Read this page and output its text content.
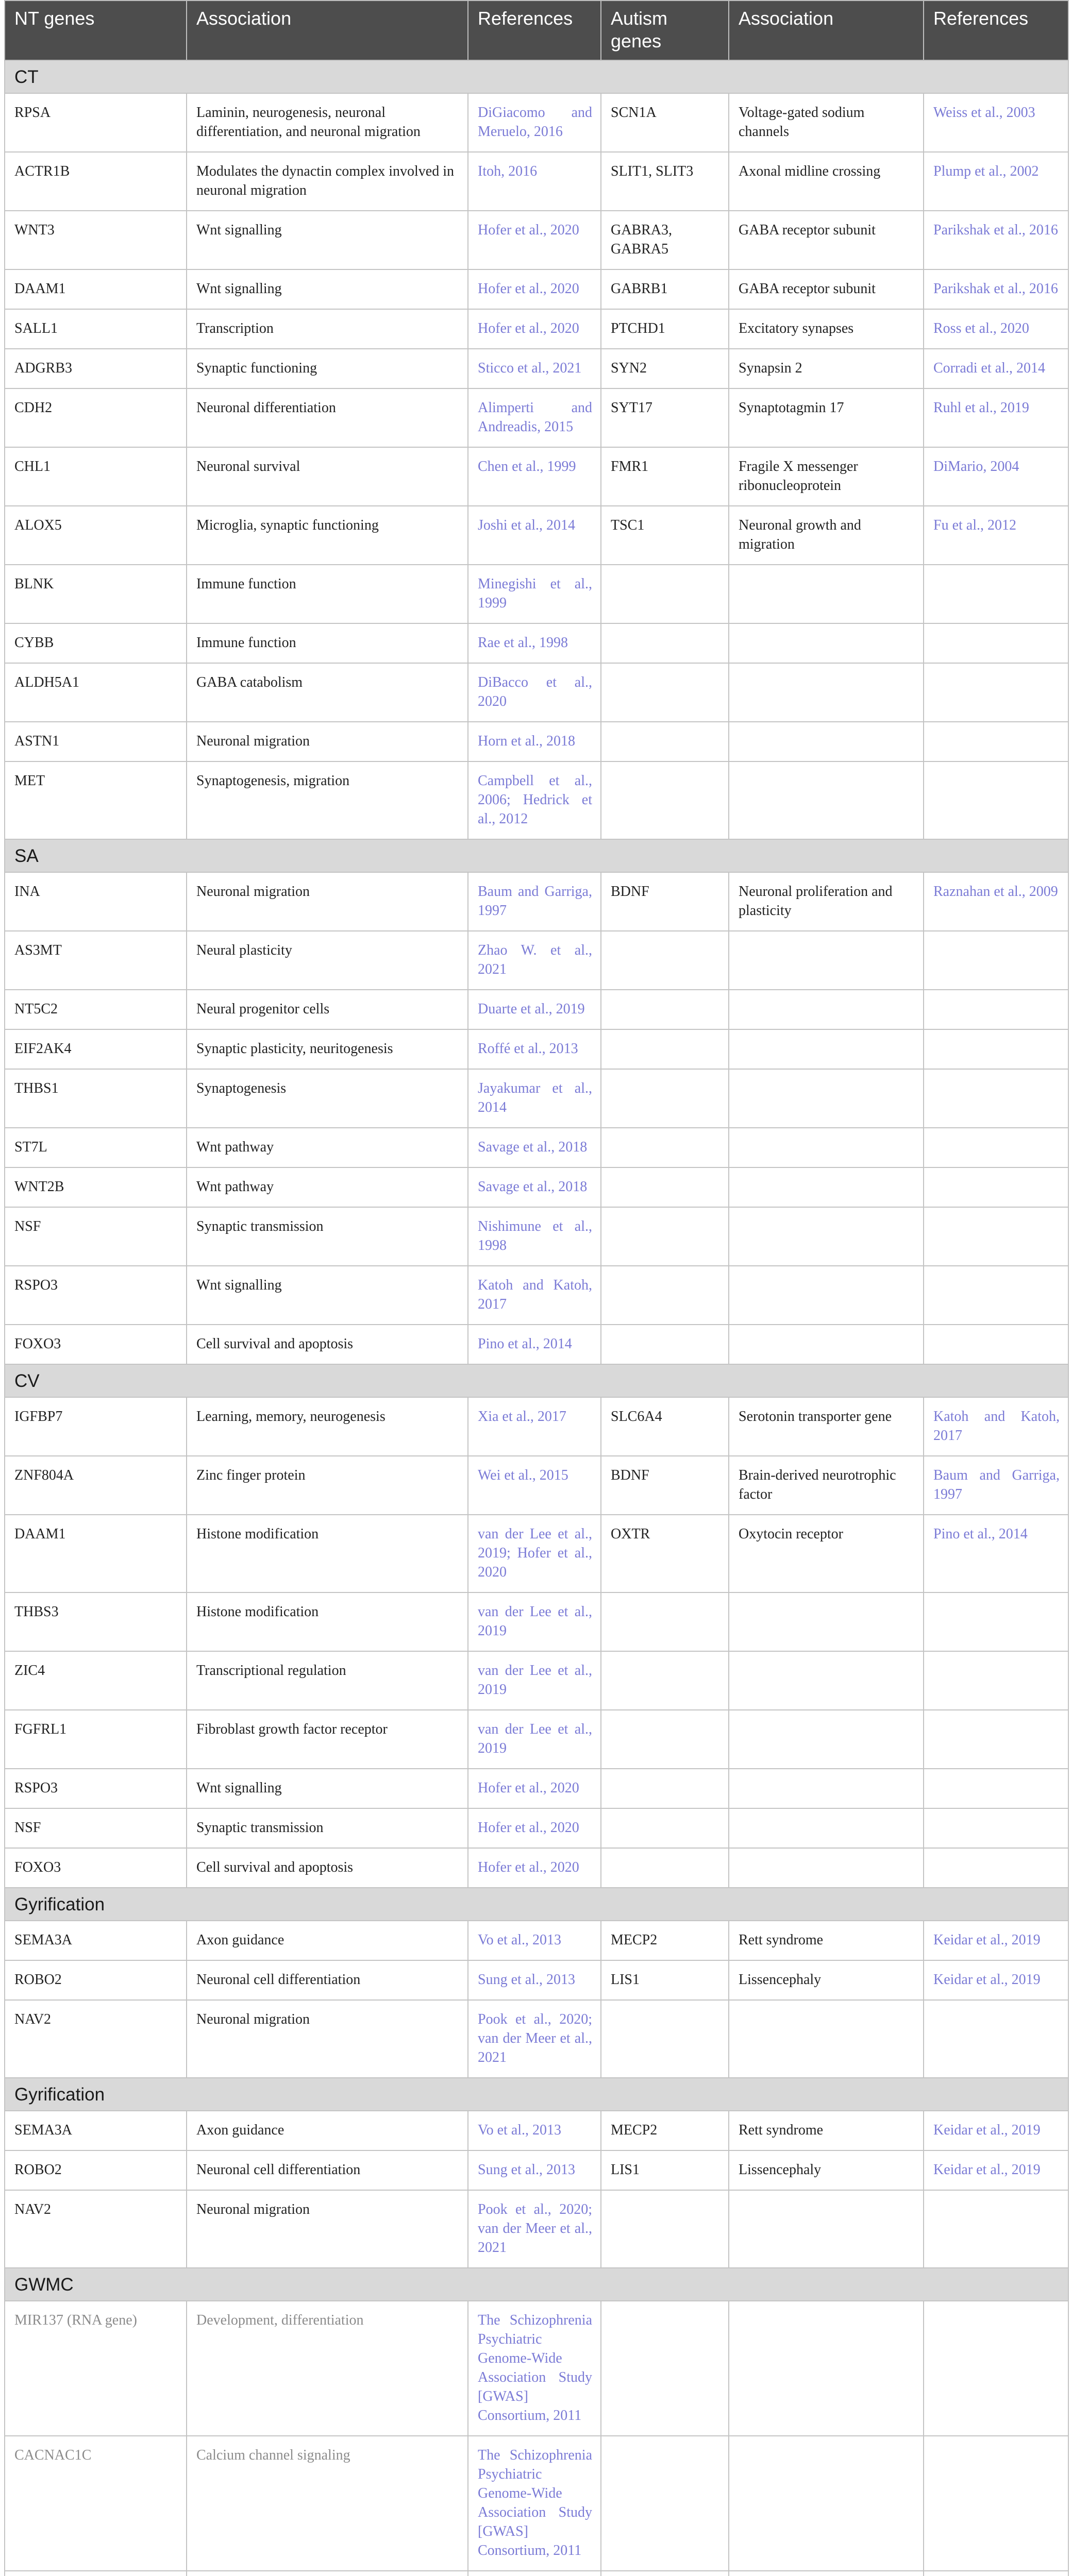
NT genes	Association	References	Autism genes	Association	References
CT					
RPSA	Laminin, neurogenesis, neuronal differentiation, and neuronal migration	DiGiacomo and Meruelo, 2016	SCN1A	Voltage-gated sodium channels	Weiss et al., 2003
ACTR1B	Modulates the dynactin complex involved in neuronal migration	Itoh, 2016	SLIT1, SLIT3	Axonal midline crossing	Plump et al., 2002
WNT3	Wnt signalling	Hofer et al., 2020	GABRA3, GABRA5	GABA receptor subunit	Parikshak et al., 2016
DAAM1	Wnt signalling	Hofer et al., 2020	GABRB1	GABA receptor subunit	Parikshak et al., 2016
SALL1	Transcription	Hofer et al., 2020	PTCHD1	Excitatory synapses	Ross et al., 2020
ADGRB3	Synaptic functioning	Sticco et al., 2021	SYN2	Synapsin 2	Corradi et al., 2014
CDH2	Neuronal differentiation	Alimperti and Andreadis, 2015	SYT17	Synaptotagmin 17	Ruhl et al., 2019
CHL1	Neuronal survival	Chen et al., 1999	FMR1	Fragile X messenger ribonucleoprotein	DiMario, 2004
ALOX5	Microglia, synaptic functioning	Joshi et al., 2014	TSC1	Neuronal growth and migration	Fu et al., 2012
BLNK	Immune function	Minegishi et al., 1999			
CYBB	Immune function	Rae et al., 1998			
ALDH5A1	GABA catabolism	DiBacco et al., 2020			
ASTN1	Neuronal migration	Horn et al., 2018			
MET	Synaptogenesis, migration	Campbell et al., 2006; Hedrick et al., 2012			
SA					
INA	Neuronal migration	Baum and Garriga, 1997	BDNF	Neuronal proliferation and plasticity	Raznahan et al., 2009
AS3MT	Neural plasticity	Zhao W. et al., 2021			
NT5C2	Neural progenitor cells	Duarte et al., 2019			
EIF2AK4	Synaptic plasticity, neuritogenesis	Roffé et al., 2013			
THBS1	Synaptogenesis	Jayakumar et al., 2014			
ST7L	Wnt pathway	Savage et al., 2018			
WNT2B	Wnt pathway	Savage et al., 2018			
NSF	Synaptic transmission	Nishimune et al., 1998			
RSPO3	Wnt signalling	Katoh and Katoh, 2017			
FOXO3	Cell survival and apoptosis	Pino et al., 2014			
CV					
IGFBP7	Learning, memory, neurogenesis	Xia et al., 2017	SLC6A4	Serotonin transporter gene	Katoh and Katoh, 2017
ZNF804A	Zinc finger protein	Wei et al., 2015	BDNF	Brain-derived neurotrophic factor	Baum and Garriga, 1997
DAAM1	Histone modification	van der Lee et al., 2019; Hofer et al., 2020	OXTR	Oxytocin receptor	Pino et al., 2014
THBS3	Histone modification	van der Lee et al., 2019			
ZIC4	Transcriptional regulation	van der Lee et al., 2019			
FGFRL1	Fibroblast growth factor receptor	van der Lee et al., 2019			
RSPO3	Wnt signalling	Hofer et al., 2020			
NSF	Synaptic transmission	Hofer et al., 2020			
FOXO3	Cell survival and apoptosis	Hofer et al., 2020			
Gyrification					
SEMA3A	Axon guidance	Vo et al., 2013	MECP2	Rett syndrome	Keidar et al., 2019
ROBO2	Neuronal cell differentiation	Sung et al., 2013	LIS1	Lissencephaly	Keidar et al., 2019
NAV2	Neuronal migration	Pook et al., 2020; van der Meer et al., 2021			
Gyrification					
SEMA3A	Axon guidance	Vo et al., 2013	MECP2	Rett syndrome	Keidar et al., 2019
ROBO2	Neuronal cell differentiation	Sung et al., 2013	LIS1	Lissencephaly	Keidar et al., 2019
NAV2	Neuronal migration	Pook et al., 2020; van der Meer et al., 2021			
GWMC					
MIR137 (RNA gene)	Development, differentiation	The Schizophrenia Psychiatric Genome-Wide Association Study [GWAS] Consortium, 2011			
CACNAC1C	Calcium channel signaling	The Schizophrenia Psychiatric Genome-Wide Association Study [GWAS] Consortium, 2011			
